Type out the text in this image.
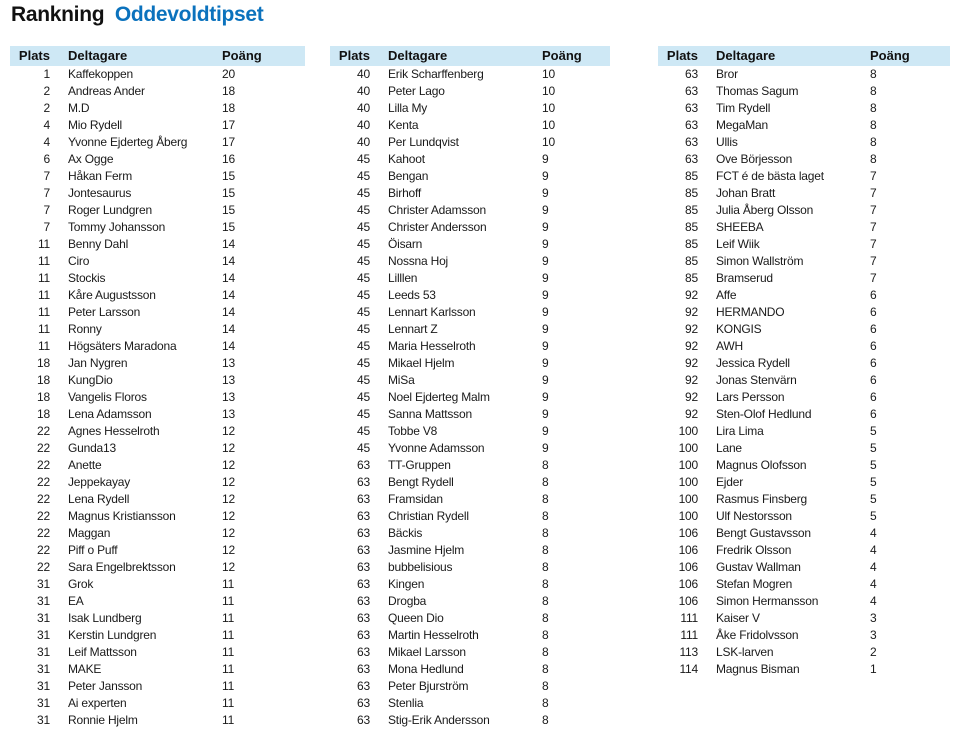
Rankning Oddevoldtipset
Plats	Deltagare	Poäng
1	Kaffekoppen	20
2	Andreas Ander	18
2	M.D	18
4	Mio Rydell	17
4	Yvonne Ejderteg Åberg	17
6	Ax Ogge	16
7	Håkan Ferm	15
7	Jontesaurus	15
7	Roger Lundgren	15
7	Tommy Johansson	15
11	Benny Dahl	14
11	Ciro	14
11	Stockis	14
11	Kåre Augustsson	14
11	Peter Larsson	14
11	Ronny	14
11	Högsäters Maradona	14
18	Jan Nygren	13
18	KungDio	13
18	Vangelis Floros	13
18	Lena Adamsson	13
22	Agnes Hesselroth	12
22	Gunda13	12
22	Anette	12
22	Jeppekayay	12
22	Lena Rydell	12
22	Magnus Kristiansson	12
22	Maggan	12
22	Piff o Puff	12
22	Sara Engelbrektsson	12
31	Grok	11
31	EA	11
31	Isak Lundberg	11
31	Kerstin Lundgren	11
31	Leif Mattsson	11
31	MAKE	11
31	Peter Jansson	11
31	Ai experten	11
31	Ronnie Hjelm	11
Plats	Deltagare	Poäng
40	Erik Scharffenberg	10
40	Peter Lago	10
40	Lilla My	10
40	Kenta	10
40	Per Lundqvist	10
45	Kahoot	9
45	Bengan	9
45	Birhoff	9
45	Christer Adamsson	9
45	Christer Andersson	9
45	Öisarn	9
45	Nossna Hoj	9
45	Lilllen	9
45	Leeds 53	9
45	Lennart Karlsson	9
45	Lennart Z	9
45	Maria Hesselroth	9
45	Mikael Hjelm	9
45	MiSa	9
45	Noel Ejderteg Malm	9
45	Sanna Mattsson	9
45	Tobbe V8	9
45	Yvonne Adamsson	9
63	TT-Gruppen	8
63	Bengt Rydell	8
63	Framsidan	8
63	Christian Rydell	8
63	Bäckis	8
63	Jasmine Hjelm	8
63	bubbelisious	8
63	Kingen	8
63	Drogba	8
63	Queen Dio	8
63	Martin Hesselroth	8
63	Mikael Larsson	8
63	Mona Hedlund	8
63	Peter Bjurström	8
63	Stenlia	8
63	Stig-Erik Andersson	8
Plats	Deltagare	Poäng
63	Bror	8
63	Thomas Sagum	8
63	Tim Rydell	8
63	MegaMan	8
63	Ullis	8
63	Ove Börjesson	8
85	FCT é de bästa laget	7
85	Johan Bratt	7
85	Julia Åberg Olsson	7
85	SHEEBA	7
85	Leif Wiik	7
85	Simon Wallström	7
85	Bramserud	7
92	Affe	6
92	HERMANDO	6
92	KONGIS	6
92	AWH	6
92	Jessica Rydell	6
92	Jonas Stenvärn	6
92	Lars Persson	6
92	Sten-Olof Hedlund	6
100	Lira Lima	5
100	Lane	5
100	Magnus Olofsson	5
100	Ejder	5
100	Rasmus Finsberg	5
100	Ulf Nestorsson	5
106	Bengt Gustavsson	4
106	Fredrik Olsson	4
106	Gustav Wallman	4
106	Stefan Mogren	4
106	Simon Hermansson	4
111	Kaiser V	3
111	Åke Fridolvsson	3
113	LSK-larven	2
114	Magnus Bisman	1
